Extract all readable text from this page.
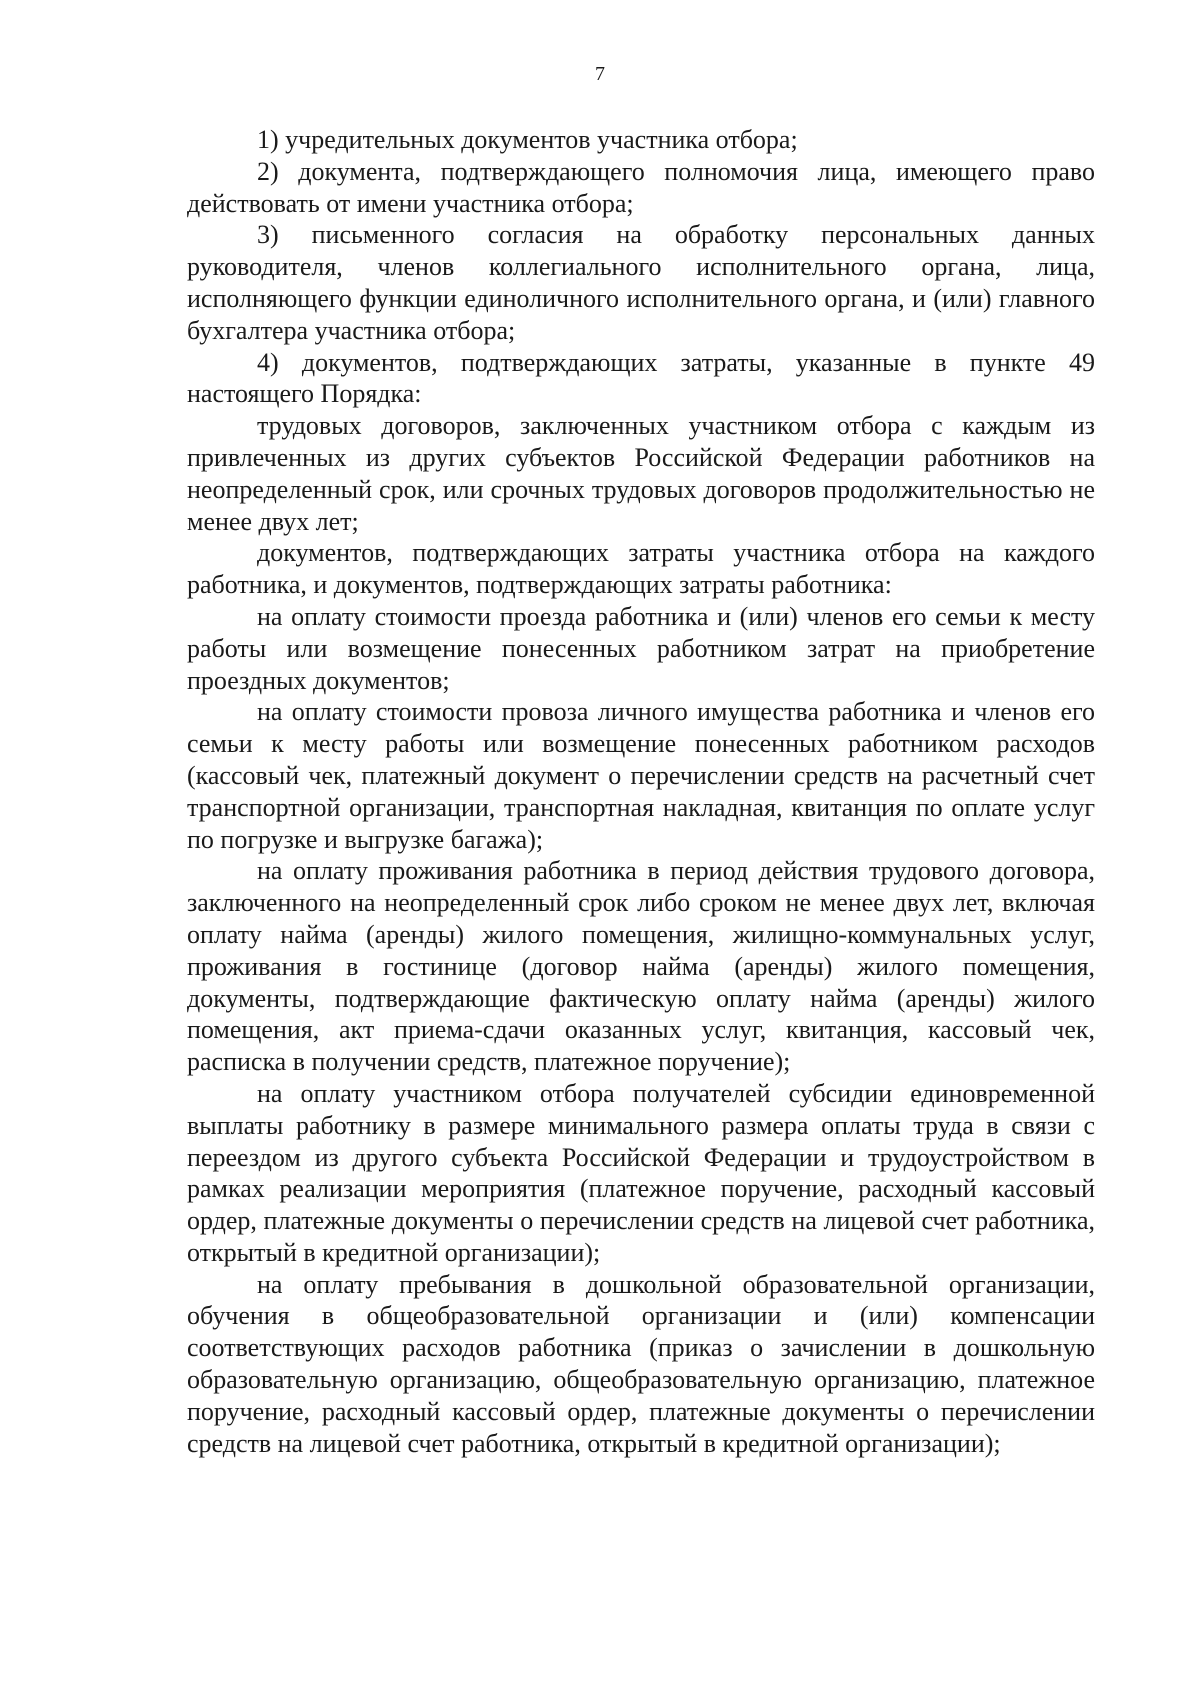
7

1) учредительных документов участника отбора;

2) документа, подтверждающего полномочия лица, имеющего право действовать от имени участника отбора;

3) письменного согласия на обработку персональных данных руководителя, членов коллегиального исполнительного органа, лица, исполняющего функции единоличного исполнительного органа, и (или) главного бухгалтера участника отбора;

4) документов, подтверждающих затраты, указанные в пункте 49 настоящего Порядка:

трудовых договоров, заключенных участником отбора с каждым из привлеченных из других субъектов Российской Федерации работников на неопределенный срок, или срочных трудовых договоров продолжительностью не менее двух лет;

документов, подтверждающих затраты участника отбора на каждого работника, и документов, подтверждающих затраты работника:

на оплату стоимости проезда работника и (или) членов его семьи к месту работы или возмещение понесенных работником затрат на приобретение проездных документов;

на оплату стоимости провоза личного имущества работника и членов его семьи к месту работы или возмещение понесенных работником расходов (кассовый чек, платежный документ о перечислении средств на расчетный счет транспортной организации, транспортная накладная, квитанция по оплате услуг по погрузке и выгрузке багажа);

на оплату проживания работника в период действия трудового договора, заключенного на неопределенный срок либо сроком не менее двух лет, включая оплату найма (аренды) жилого помещения, жилищно-коммунальных услуг, проживания в гостинице (договор найма (аренды) жилого помещения, документы, подтверждающие фактическую оплату найма (аренды) жилого помещения, акт приема-сдачи оказанных услуг, квитанция, кассовый чек, расписка в получении средств, платежное поручение);

на оплату участником отбора получателей субсидии единовременной выплаты работнику в размере минимального размера оплаты труда в связи с переездом из другого субъекта Российской Федерации и трудоустройством в рамках реализации мероприятия (платежное поручение, расходный кассовый ордер, платежные документы о перечислении средств на лицевой счет работника, открытый в кредитной организации);

на оплату пребывания в дошкольной образовательной организации, обучения в общеобразовательной организации и (или) компенсации соответствующих расходов работника (приказ о зачислении в дошкольную образовательную организацию, общеобразовательную организацию, платежное поручение, расходный кассовый ордер, платежные документы о перечислении средств на лицевой счет работника, открытый в кредитной организации);
